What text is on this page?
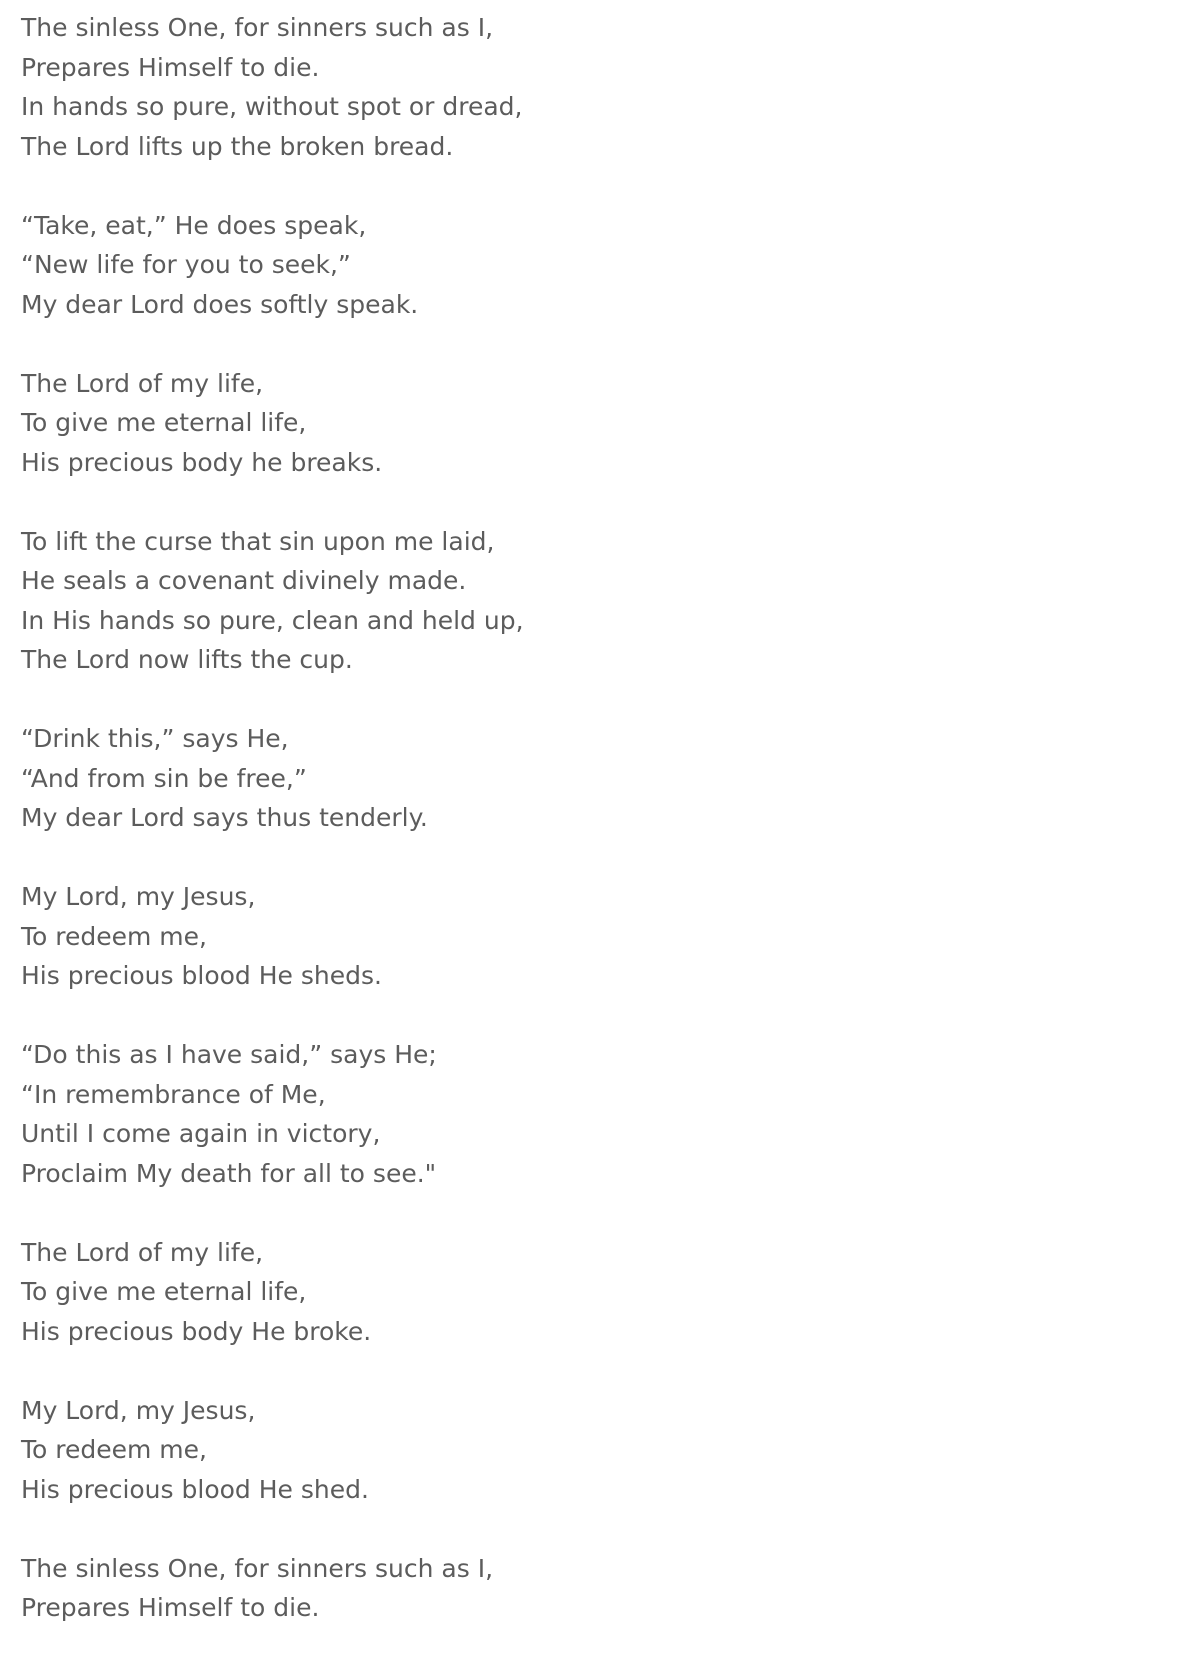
The sinless One, for sinners such as I,
Prepares Himself to die.
In hands so pure, without spot or dread,
The Lord lifts up the broken bread.
“Take, eat,” He does speak,
“New life for you to seek,”
My dear Lord does softly speak.
The Lord of my life,
To give me eternal life,
His precious body he breaks.
To lift the curse that sin upon me laid,
He seals a covenant divinely made.
In His hands so pure, clean and held up,
The Lord now lifts the cup.
“Drink this,” says He,
“And from sin be free,”
My dear Lord says thus tenderly.
My Lord, my Jesus,
To redeem me,
His precious blood He sheds.
“Do this as I have said,” says He;
“In remembrance of Me,
Until I come again in victory,
Proclaim My death for all to see."
The Lord of my life,
To give me eternal life,
His precious body He broke.
My Lord, my Jesus,
To redeem me,
His precious blood He shed.
The sinless One, for sinners such as I,
Prepares Himself to die.
